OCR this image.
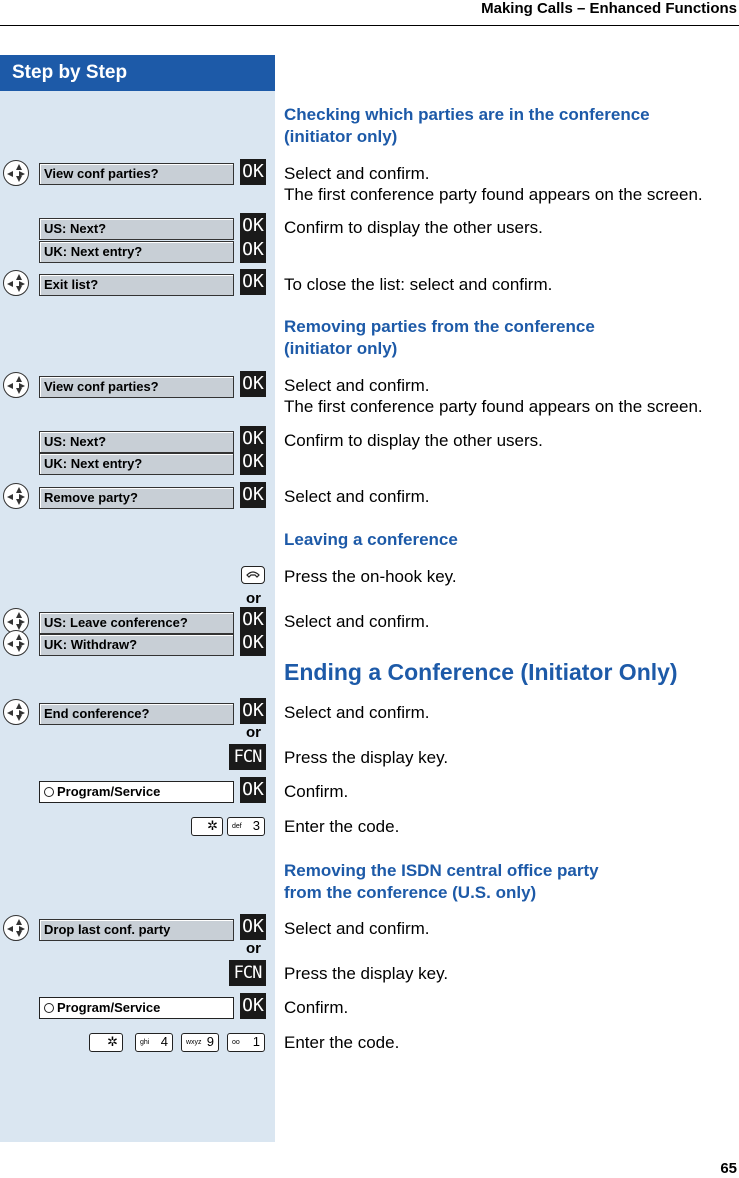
Making Calls – Enhanced Functions
Step by Step
Checking which parties are in the conference
(initiator only)
View conf parties?	OK Select and confirm.
The first conference party found appears on the screen.
US: Next?	OK
UK: Next entry?	OK
Confirm to display the other users.
Exit list?	OK To close the list: select and confirm.
Removing parties from the conference
(initiator only)
View conf parties?	OK Select and confirm.
The first conference party found appears on the screen.
US: Next?	OK
UK: Next entry?	OK
Confirm to display the other users.
Remove party?	OK Select and confirm.
Leaving a conference
Press the on-hook key.
or
US: Leave conference?	OK
UK: Withdraw?	OK
Select and confirm.
Ending a Conference (Initiator Only)
End conference?	OK Select and confirm.
or
FCN Press the display key.
Program/Service	OK Confirm.
✲	def 3 Enter the code.
Removing the ISDN central office party
from the conference (U.S. only)
Drop last conf. party	OK Select and confirm.
or
FCN Press the display key.
Program/Service	OK Confirm.
✲	ghi 4	wxyz 9	oo 1 Enter the code.
65
